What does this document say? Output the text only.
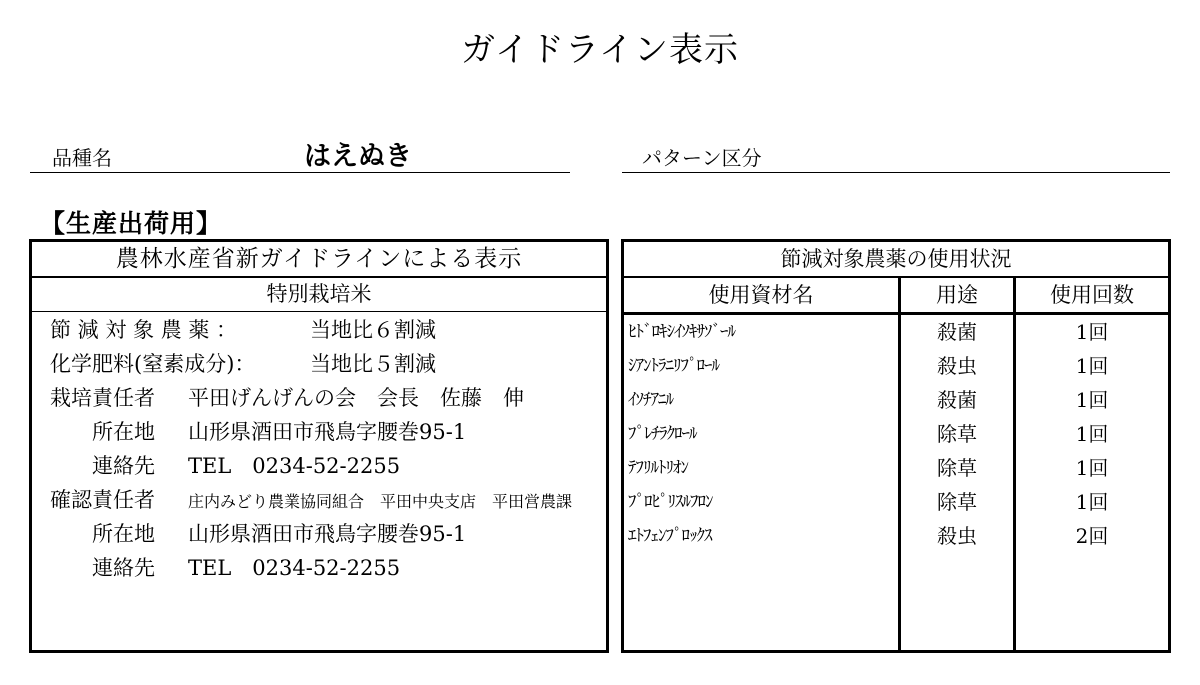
ガイドライン表示
品種名	はえぬき	パターン区分
【生産出荷用】
農林水産省新ガイドラインによる表示
特別栽培米
節 減 対 象 農 薬 ：	当地比６割減
化学肥料(窒素成分)：	当地比５割減
栽培責任者 平田げんげんの会　会長　佐藤　伸
所在地 山形県酒田市飛鳥字腰巻95-1
連絡先 TEL　0234-52-2255
確認責任者 庄内みどり農業協同組合　平田中央支店　平田営農課
所在地 山形県酒田市飛鳥字腰巻95-1
連絡先 TEL　0234-52-2255
節減対象農薬の使用状況
使用資材名	用途	使用回数
ﾋﾄﾞﾛｷｼｲｿｷｻｿﾞｰﾙ	殺菌	1回
ｼｱﾝﾄﾗﾆﾘﾌﾟﾛｰﾙ	殺虫	1回
ｲｿﾁｱﾆﾙ	殺菌	1回
ﾌﾟﾚﾁﾗｸﾛｰﾙ	除草	1回
ﾃﾌﾘﾙﾄﾘｵﾝ	除草	1回
ﾌﾟﾛﾋﾟﾘｽﾙﾌﾛﾝ	除草	1回
ｴﾄﾌｪﾝﾌﾟﾛｯｸｽ	殺虫	2回
